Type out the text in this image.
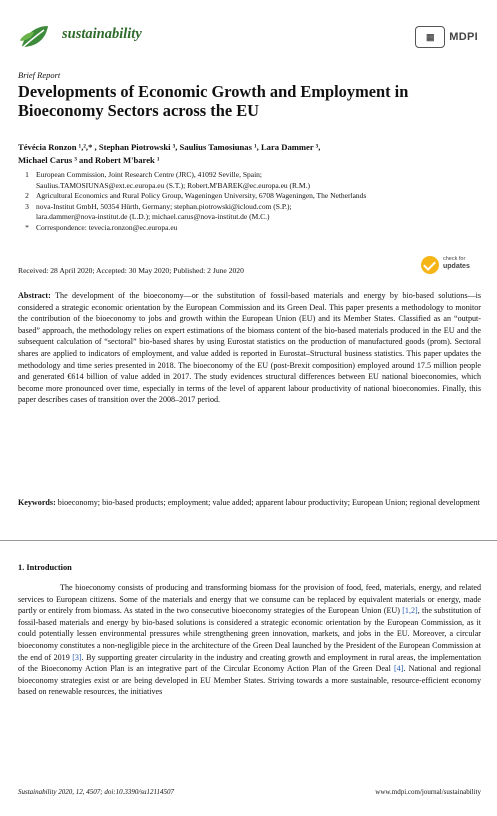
sustainability	▦	MDPI
Brief Report
Developments of Economic Growth and Employment in Bioeconomy Sectors across the EU
Tévécia Ronzon ¹,²,* , Stephan Piotrowski ³, Saulius Tamosiunas ¹, Lara Dammer ³,
Michael Carus ³ and Robert M'barek ¹
1 European Commission, Joint Research Centre (JRC), 41092 Seville, Spain;
Saulius.TAMOSIUNAS@ext.ec.europa.eu (S.T.); Robert.M'BAREK@ec.europa.eu (R.M.)
2 Agricultural Economics and Rural Policy Group, Wageningen University, 6708 Wageningen, The Netherlands
3 nova-Institut GmbH, 50354 Hürth, Germany; stephan.piotrowski@icloud.com (S.P.);
lara.dammer@nova-institut.de (L.D.); michael.carus@nova-institut.de (M.C.)
* Correspondence: tevecia.ronzon@ec.europa.eu
check for
updates
Received: 28 April 2020; Accepted: 30 May 2020; Published: 2 June 2020
Abstract: The development of the bioeconomy—or the substitution of fossil-based materials and energy by bio-based solutions—is considered a strategic economic orientation by the European Commission and its Green Deal. This paper presents a methodology to monitor the contribution of the bioeconomy to jobs and growth within the European Union (EU) and its Member States. Classified as an “output-based” approach, the methodology relies on expert estimations of the biomass content of the bio-based materials produced in the EU and the subsequent calculation of “sectoral” bio-based shares by using Eurostat statistics on the production of manufactured goods (prom). Sectoral shares are applied to indicators of employment, and value added is reported in Eurostat–Structural business statistics. This paper updates the methodology and time series presented in 2018. The bioeconomy of the EU (post-Brexit composition) employed around 17.5 million people and generated €614 billion of value added in 2017. The study evidences structural differences between EU national bioeconomies, which become more pronounced over time, especially in terms of the level of apparent labour productivity of national bioeconomies. Finally, this paper describes cases of transition over the 2008–2017 period.
Keywords: bioeconomy; bio-based products; employment; value added; apparent labour productivity; European Union; regional development
1. Introduction
The bioeconomy consists of producing and transforming biomass for the provision of food, feed, materials, energy, and related services to European citizens. Some of the materials and energy that we consume can be replaced by equivalent materials or energy, made partly or entirely from biomass. As stated in the two consecutive bioeconomy strategies of the European Union (EU) [1,2], the substitution of fossil-based materials and energy by bio-based solutions is considered a strategic economic orientation by the European Commission, as it could potentially lessen environmental pressures while strengthening green innovation, markets, and jobs in the EU. Moreover, a circular bioeconomy constitutes a non-negligible piece in the architecture of the Green Deal launched by the President of the European Commission at the end of 2019 [3]. By supporting greater circularity in the industry and creating growth and employment in rural areas, the implementation of the Bioeconomy Action Plan is an integrative part of the Circular Economy Action Plan of the Green Deal [4]. National and regional bioeconomy strategies exist or are being developed in EU Member States. Striving towards a more sustainable, resource-efficient economy based on renewable resources, the initiatives
Sustainability 2020, 12, 4507; doi:10.3390/su12114507	www.mdpi.com/journal/sustainability
